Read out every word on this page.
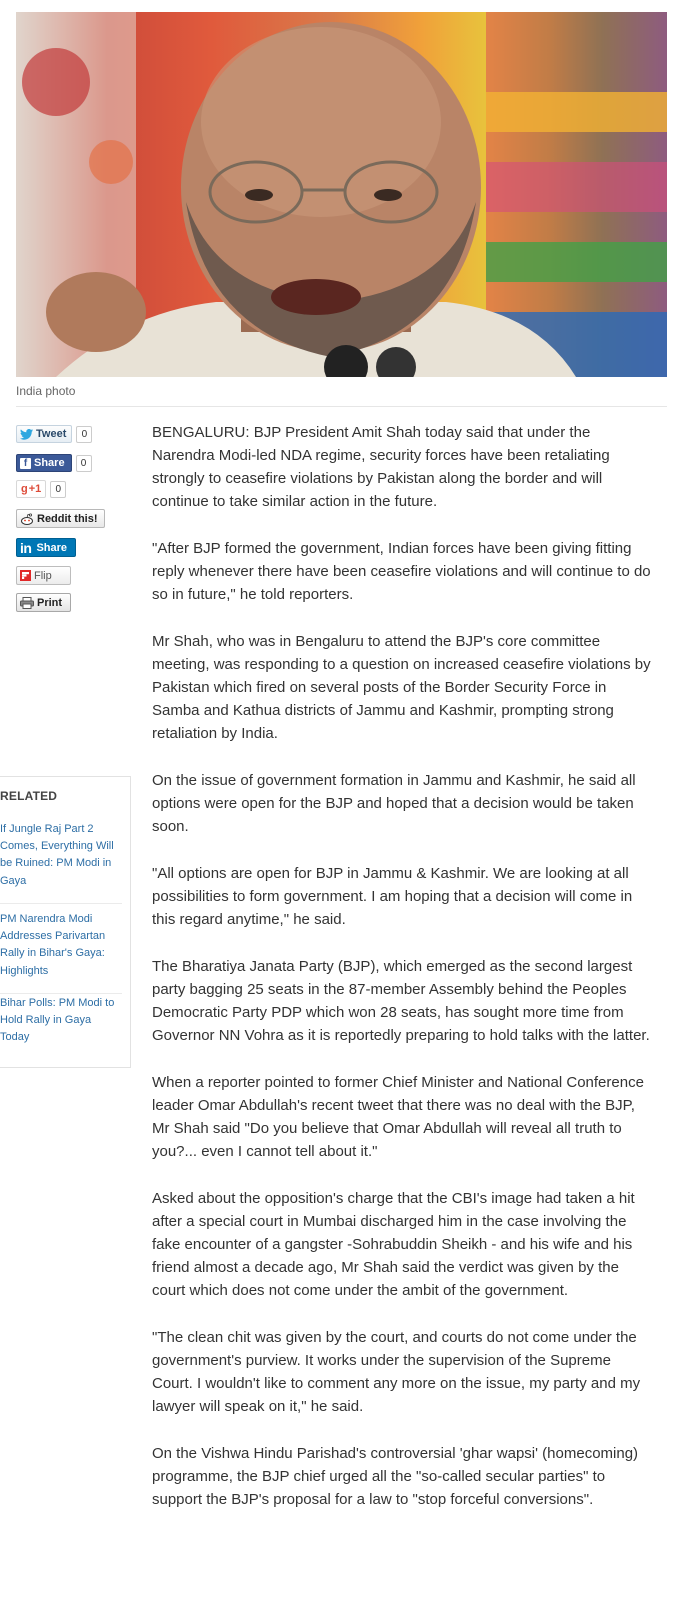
India photo
Tweet	0
f Share	0
g +1	0
Reddit this!
in Share
Flip
Print
RELATED
If Jungle Raj Part 2 Comes, Everything Will be Ruined: PM Modi in Gaya
PM Narendra Modi Addresses Parivartan Rally in Bihar's Gaya: Highlights
Bihar Polls: PM Modi to Hold Rally in Gaya Today

BENGALURU: BJP President Amit Shah today said that under the Narendra Modi-led NDA regime, security forces have been retaliating strongly to ceasefire violations by Pakistan along the border and will continue to take similar action in the future.

"After BJP formed the government, Indian forces have been giving fitting reply whenever there have been ceasefire violations and will continue to do so in future," he told reporters.

Mr Shah, who was in Bengaluru to attend the BJP's core committee meeting, was responding to a question on increased ceasefire violations by Pakistan which fired on several posts of the Border Security Force in Samba and Kathua districts of Jammu and Kashmir, prompting strong retaliation by India.

On the issue of government formation in Jammu and Kashmir, he said all options were open for the BJP and hoped that a decision would be taken soon.

"All options are open for BJP in Jammu & Kashmir. We are looking at all possibilities to form government. I am hoping that a decision will come in this regard anytime," he said.

The Bharatiya Janata Party (BJP), which emerged as the second largest party bagging 25 seats in the 87-member Assembly behind the Peoples Democratic Party PDP which won 28 seats, has sought more time from Governor NN Vohra as it is reportedly preparing to hold talks with the latter.

When a reporter pointed to former Chief Minister and National Conference leader Omar Abdullah's recent tweet that there was no deal with the BJP, Mr Shah said "Do you believe that Omar Abdullah will reveal all truth to you?... even I cannot tell about it."

Asked about the opposition's charge that the CBI's image had taken a hit after a special court in Mumbai discharged him in the case involving the fake encounter of a gangster -Sohrabuddin Sheikh - and his wife and his friend almost a decade ago, Mr Shah said the verdict was given by the court which does not come under the ambit of the government.

"The clean chit was given by the court, and courts do not come under the government's purview. It works under the supervision of the Supreme Court. I wouldn't like to comment any more on the issue, my party and my lawyer will speak on it," he said.

On the Vishwa Hindu Parishad's controversial 'ghar wapsi' (homecoming) programme, the BJP chief urged all the "so-called secular parties" to support the BJP's proposal for a law to "stop forceful conversions".
